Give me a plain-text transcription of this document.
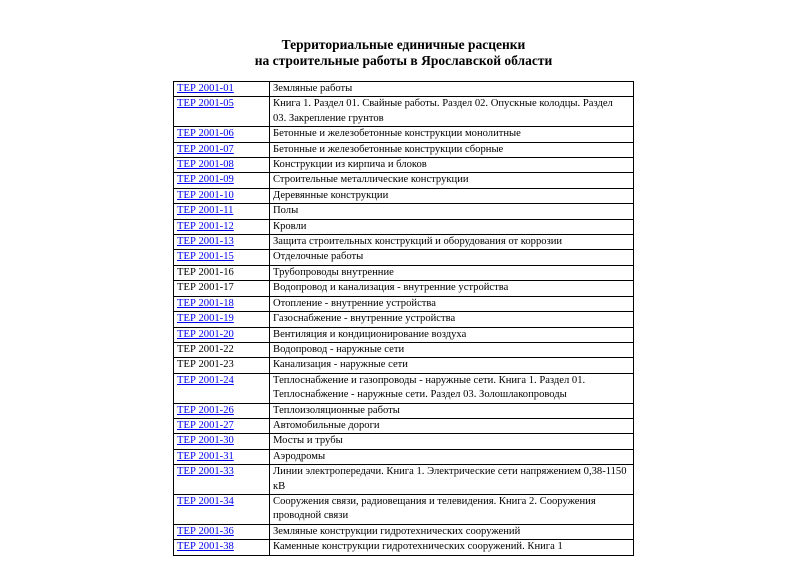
Территориальные единичные расценки
на строительные работы в Ярославской области
ТЕР 2001-01	Земляные работы
ТЕР 2001-05	Книга 1. Раздел 01. Свайные работы. Раздел 02. Опускные колодцы. Раздел 03. Закрепление грунтов
ТЕР 2001-06	Бетонные и железобетонные конструкции монолитные
ТЕР 2001-07	Бетонные и железобетонные конструкции сборные
ТЕР 2001-08	Конструкции из кирпича и блоков
ТЕР 2001-09	Строительные металлические конструкции
ТЕР 2001-10	Деревянные конструкции
ТЕР 2001-11	Полы
ТЕР 2001-12	Кровли
ТЕР 2001-13	Защита строительных конструкций и оборудования от коррозии
ТЕР 2001-15	Отделочные работы
ТЕР 2001-16	Трубопроводы внутренние
ТЕР 2001-17	Водопровод и канализация - внутренние устройства
ТЕР 2001-18	Отопление - внутренние устройства
ТЕР 2001-19	Газоснабжение - внутренние устройства
ТЕР 2001-20	Вентиляция и кондиционирование воздуха
ТЕР 2001-22	Водопровод - наружные сети
ТЕР 2001-23	Канализация - наружные сети
ТЕР 2001-24	Теплоснабжение и газопроводы - наружные сети. Книга 1. Раздел 01. Теплоснабжение - наружные сети. Раздел 03. Золошлакопроводы
ТЕР 2001-26	Теплоизоляционные работы
ТЕР 2001-27	Автомобильные дороги
ТЕР 2001-30	Мосты и трубы
ТЕР 2001-31	Аэродромы
ТЕР 2001-33	Линии электропередачи. Книга 1. Электрические сети напряжением 0,38-1150 кВ
ТЕР 2001-34	Сооружения связи, радиовещания и телевидения. Книга 2. Сооружения проводной связи
ТЕР 2001-36	Земляные конструкции гидротехнических сооружений
ТЕР 2001-38	Каменные конструкции гидротехнических сооружений. Книга 1
